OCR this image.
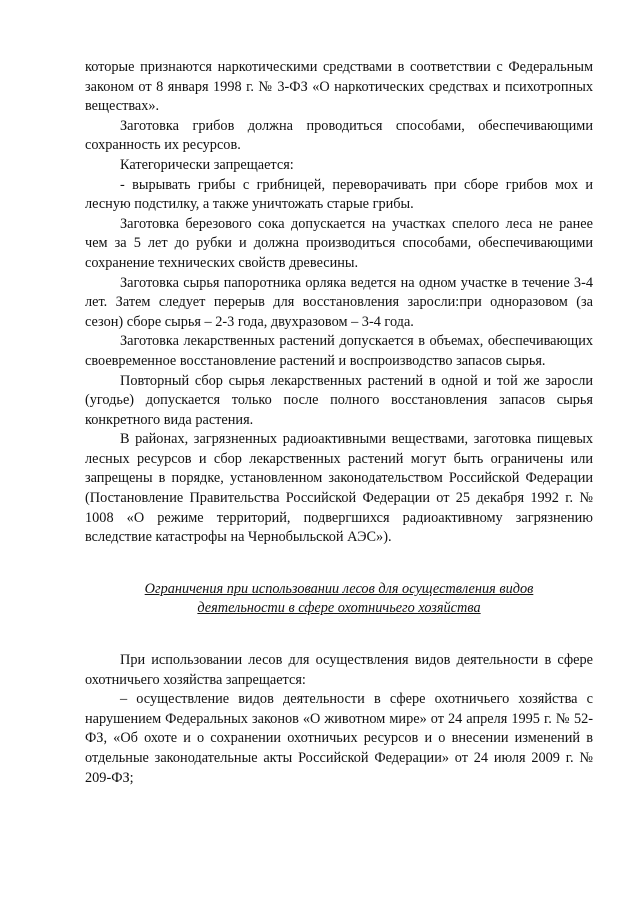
которые признаются наркотическими средствами в соответствии с Федеральным законом от 8 января 1998 г. № 3-ФЗ «О наркотических средствах и психотропных веществах».

Заготовка грибов должна проводиться способами, обеспечивающими сохранность их ресурсов.

Категорически запрещается:

- вырывать грибы с грибницей, переворачивать при сборе грибов мох и лесную подстилку, а также уничтожать старые грибы.

Заготовка березового сока допускается на участках спелого леса не ранее чем за 5 лет до рубки и должна производиться способами, обеспечивающими сохранение технических свойств древесины.

Заготовка сырья папоротника орляка ведется на одном участке в течение 3-4 лет. Затем следует перерыв для восстановления заросли:при одноразовом (за сезон) сборе сырья – 2-3 года, двухразовом – 3-4 года.

Заготовка лекарственных растений допускается в объемах, обеспечивающих своевременное восстановление растений и воспроизводство запасов сырья.

Повторный сбор сырья лекарственных растений в одной и той же заросли (угодье) допускается только после полного восстановления запасов сырья конкретного вида растения.

В районах, загрязненных радиоактивными веществами, заготовка пищевых лесных ресурсов и сбор лекарственных растений могут быть ограничены или запрещены в порядке, установленном законодательством Российской Федерации (Постановление Правительства Российской Федерации от 25 декабря 1992 г. № 1008 «О режиме территорий, подвергшихся радиоактивному загрязнению вследствие катастрофы на Чернобыльской АЭС»).

Ограничения при использовании лесов для осуществления видов
деятельности в сфере охотничьего хозяйства

При использовании лесов для осуществления видов деятельности в сфере охотничьего хозяйства запрещается:

– осуществление видов деятельности в сфере охотничьего хозяйства с нарушением Федеральных законов «О животном мире» от 24 апреля 1995 г. № 52-ФЗ, «Об охоте и о сохранении охотничьих ресурсов и о внесении изменений в отдельные законодательные акты Российской Федерации» от 24 июля 2009 г. № 209-ФЗ;
